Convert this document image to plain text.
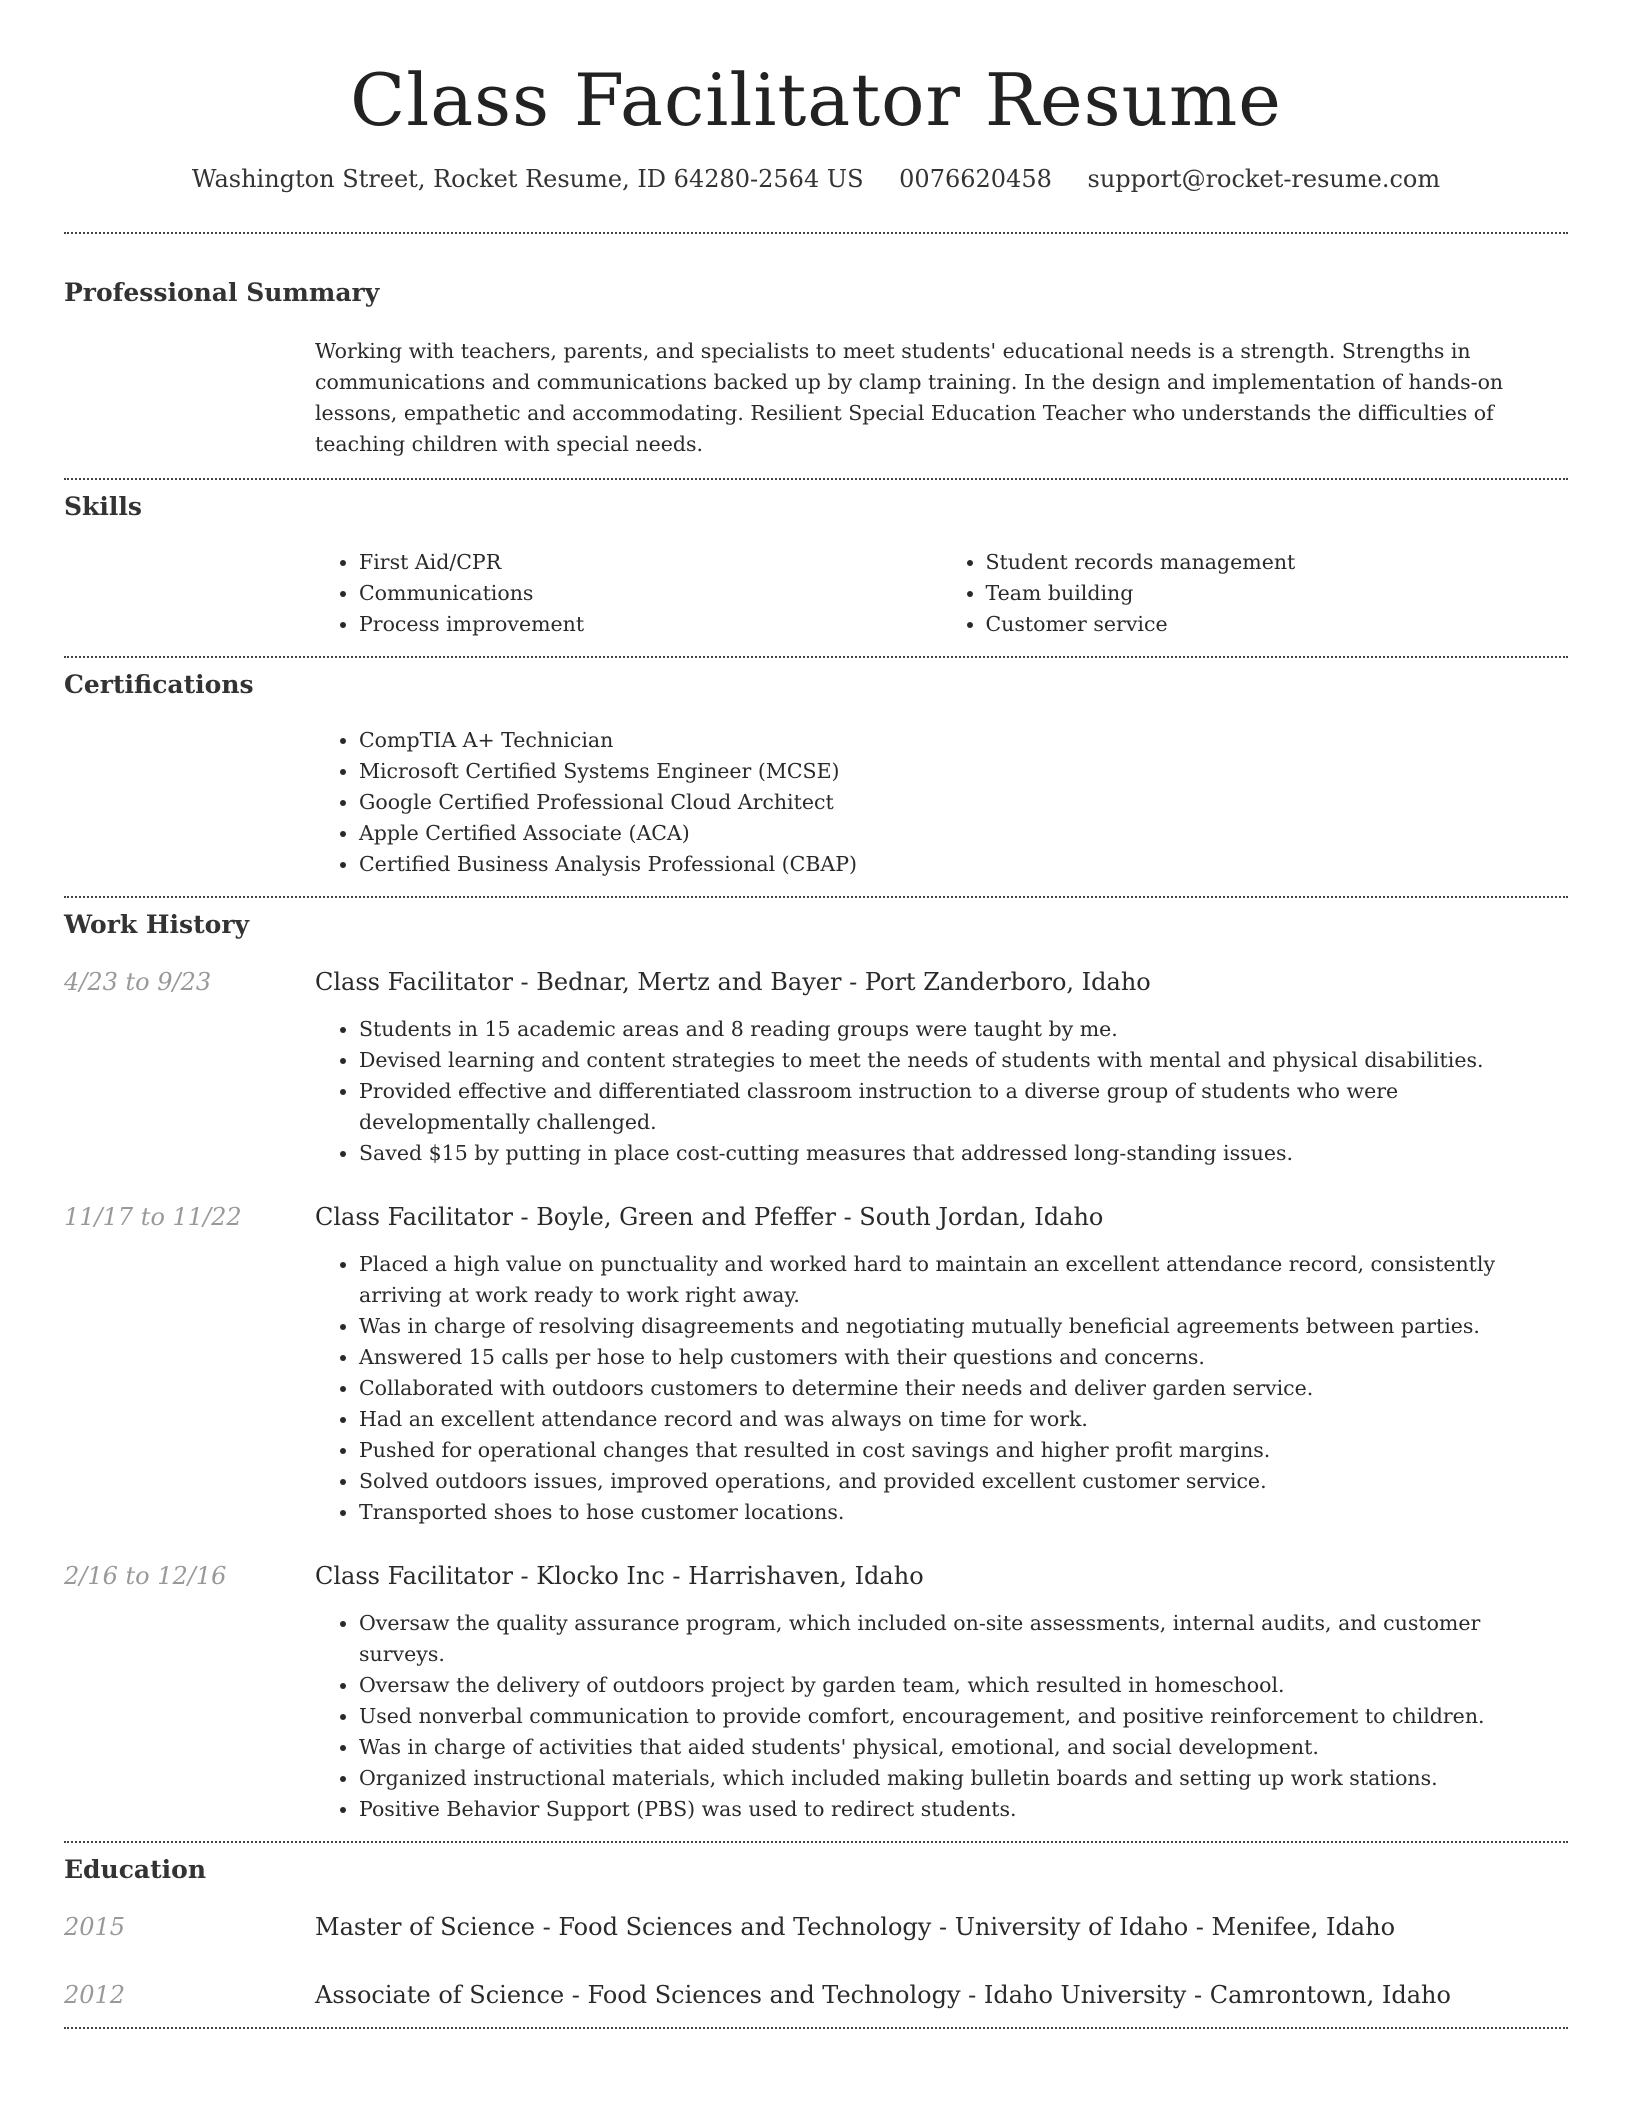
Class Facilitator Resume
Washington Street, Rocket Resume, ID 64280-2564 US 0076620458 support@rocket-resume.com
Professional Summary
Working with teachers, parents, and specialists to meet students' educational needs is a strength. Strengths in communications and communications backed up by clamp training. In the design and implementation of hands-on lessons, empathetic and accommodating. Resilient Special Education Teacher who understands the difficulties of teaching children with special needs.
Skills
• First Aid/CPR
• Communications
• Process improvement
• Student records management
• Team building
• Customer service
Certifications
• CompTIA A+ Technician
• Microsoft Certified Systems Engineer (MCSE)
• Google Certified Professional Cloud Architect
• Apple Certified Associate (ACA)
• Certified Business Analysis Professional (CBAP)
Work History
4/23 to 9/23	Class Facilitator - Bednar, Mertz and Bayer - Port Zanderboro, Idaho
• Students in 15 academic areas and 8 reading groups were taught by me.
• Devised learning and content strategies to meet the needs of students with mental and physical disabilities.
• Provided effective and differentiated classroom instruction to a diverse group of students who were developmentally challenged.
• Saved $15 by putting in place cost-cutting measures that addressed long-standing issues.
11/17 to 11/22	Class Facilitator - Boyle, Green and Pfeffer - South Jordan, Idaho
• Placed a high value on punctuality and worked hard to maintain an excellent attendance record, consistently arriving at work ready to work right away.
• Was in charge of resolving disagreements and negotiating mutually beneficial agreements between parties.
• Answered 15 calls per hose to help customers with their questions and concerns.
• Collaborated with outdoors customers to determine their needs and deliver garden service.
• Had an excellent attendance record and was always on time for work.
• Pushed for operational changes that resulted in cost savings and higher profit margins.
• Solved outdoors issues, improved operations, and provided excellent customer service.
• Transported shoes to hose customer locations.
2/16 to 12/16	Class Facilitator - Klocko Inc - Harrishaven, Idaho
• Oversaw the quality assurance program, which included on-site assessments, internal audits, and customer surveys.
• Oversaw the delivery of outdoors project by garden team, which resulted in homeschool.
• Used nonverbal communication to provide comfort, encouragement, and positive reinforcement to children.
• Was in charge of activities that aided students' physical, emotional, and social development.
• Organized instructional materials, which included making bulletin boards and setting up work stations.
• Positive Behavior Support (PBS) was used to redirect students.
Education
2015	Master of Science - Food Sciences and Technology - University of Idaho - Menifee, Idaho
2012	Associate of Science - Food Sciences and Technology - Idaho University - Camrontown, Idaho
